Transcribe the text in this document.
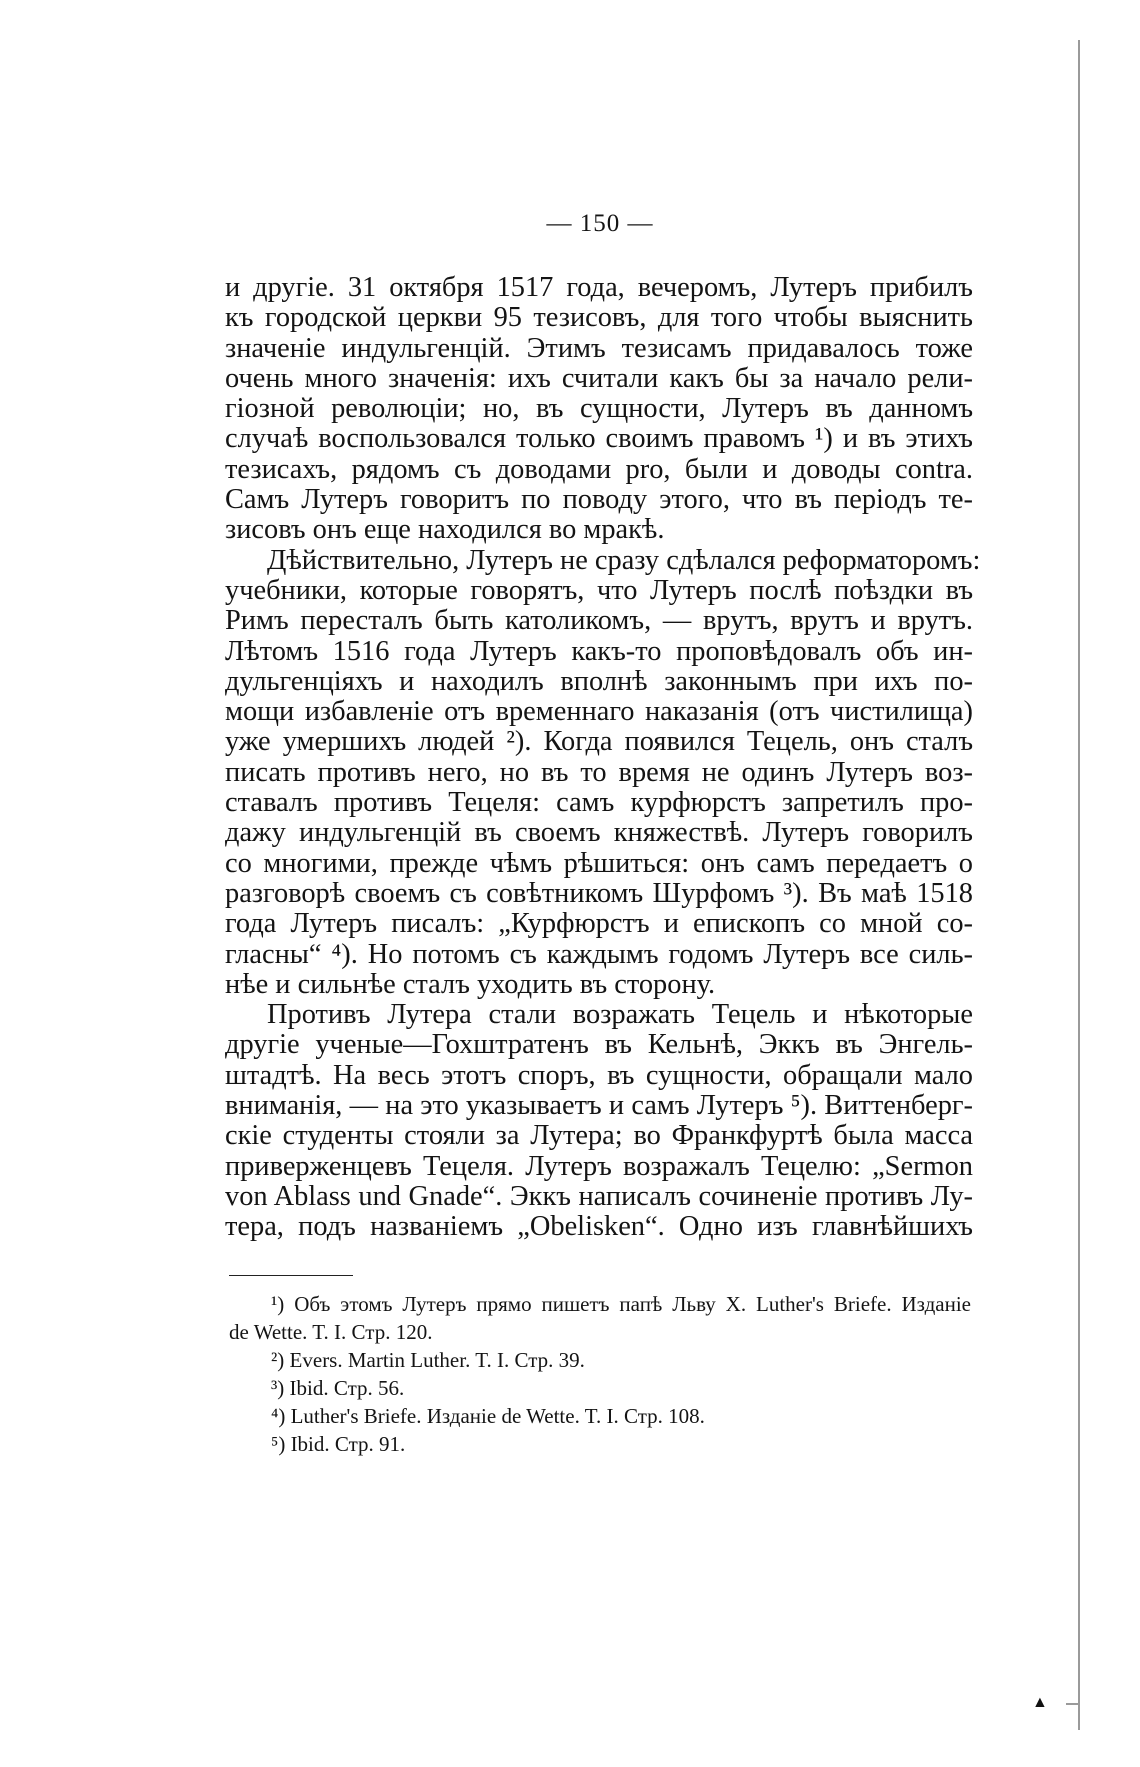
▲
— 150 —
и другіе. 31 октября 1517 года, вечеромъ, Лутеръ прибилъ
къ городской церкви 95 тезисовъ, для того чтобы выяснить
значеніе индульгенцій. Этимъ тезисамъ придавалось тоже
очень много значенія: ихъ считали какъ бы за начало рели-
гіозной революціи; но, въ сущности, Лутеръ въ данномъ
случаѣ воспользовался только своимъ правомъ ¹) и въ этихъ
тезисахъ, рядомъ съ доводами pro, были и доводы contra.
Самъ Лутеръ говоритъ по поводу этого, что въ періодъ те-
зисовъ онъ еще находился во мракѣ.
Дѣйствительно, Лутеръ не сразу сдѣлался реформаторомъ:
учебники, которые говорятъ, что Лутеръ послѣ поѣздки въ
Римъ пересталъ быть католикомъ, — врутъ, врутъ и врутъ.
Лѣтомъ 1516 года Лутеръ какъ-то проповѣдовалъ объ ин-
дульгенціяхъ и находилъ вполнѣ законнымъ при ихъ по-
мощи избавленіе отъ временнаго наказанія (отъ чистилища)
уже умершихъ людей ²). Когда появился Тецель, онъ сталъ
писать противъ него, но въ то время не одинъ Лутеръ воз-
ставалъ противъ Тецеля: самъ курфюрстъ запретилъ про-
дажу индульгенцій въ своемъ княжествѣ. Лутеръ говорилъ
со многими, прежде чѣмъ рѣшиться: онъ самъ передаетъ о
разговорѣ своемъ съ совѣтникомъ Шурфомъ ³). Въ маѣ 1518
года Лутеръ писалъ: „Курфюрстъ и епископъ со мной со-
гласны“ ⁴). Но потомъ съ каждымъ годомъ Лутеръ все силь-
нѣе и сильнѣе сталъ уходить въ сторону.
Противъ Лутера стали возражать Тецель и нѣкоторые
другіе ученые—Гохштратенъ въ Кельнѣ, Эккъ въ Энгель-
штадтѣ. На весь этотъ споръ, въ сущности, обращали мало
вниманія, — на это указываетъ и самъ Лутеръ ⁵). Виттенберг-
скіе студенты стояли за Лутера; во Франкфуртѣ была масса
приверженцевъ Тецеля. Лутеръ возражалъ Тецелю: „Sermon
von Ablass und Gnade“. Эккъ написалъ сочиненіе противъ Лу-
тера, подъ названіемъ „Obelisken“. Одно изъ главнѣйшихъ
¹) Объ этомъ Лутеръ прямо пишетъ папѣ Льву X. Luther's Briefe. Изданіе
de Wette. T. I. Стр. 120.
²) Evers. Martin Luther. T. I. Стр. 39.
³) Ibid. Стр. 56.
⁴) Luther's Briefe. Изданіе de Wette. T. I. Стр. 108.
⁵) Ibid. Стр. 91.
